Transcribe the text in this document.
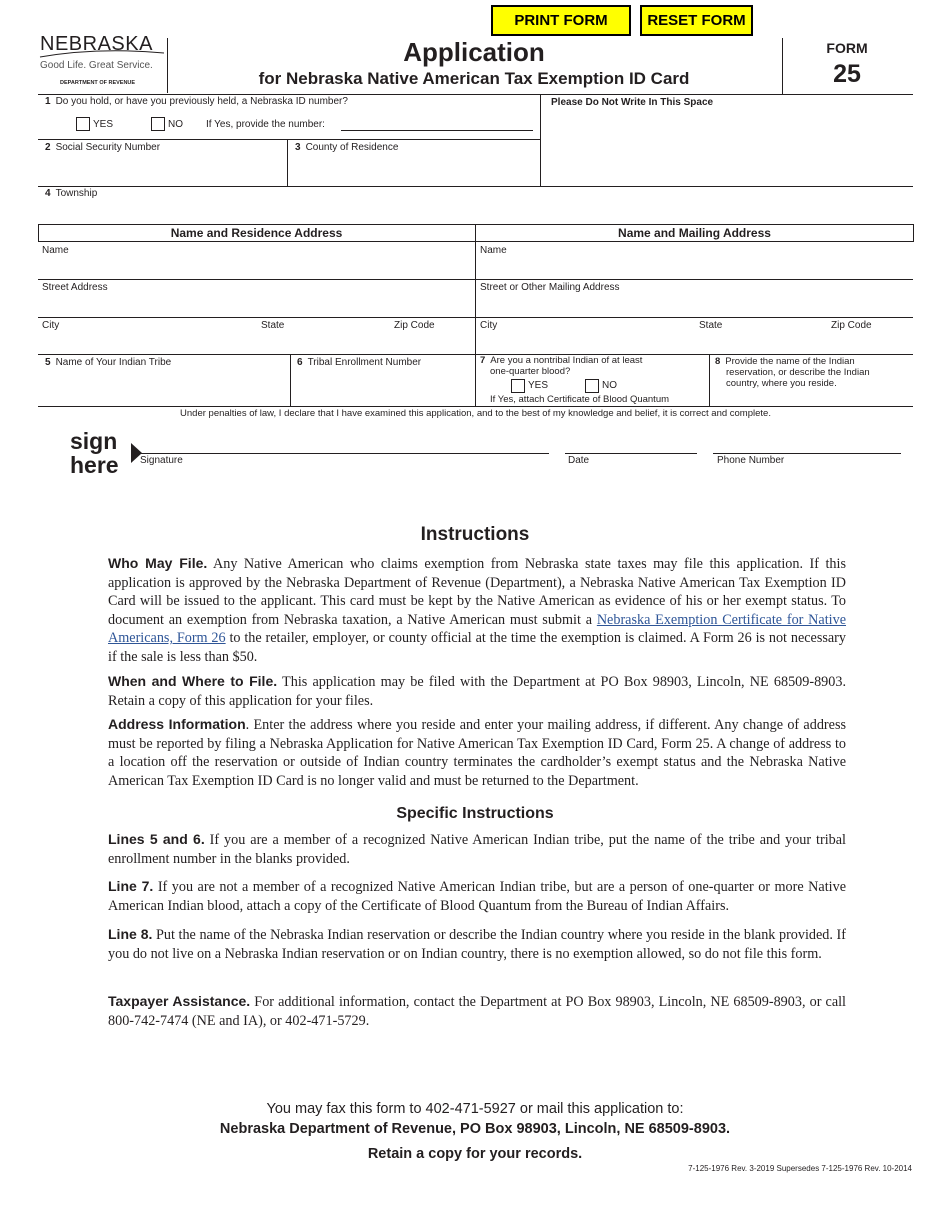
PRINT FORM	RESET FORM
NEBRASKA
Good Life. Great Service.
DEPARTMENT OF REVENUE
Application
for Nebraska Native American Tax Exemption ID Card
FORM
25
1 Do you hold, or have you previously held, a Nebraska ID number?
YES	NO If Yes, provide the number:
Please Do Not Write In This Space
2 Social Security Number	3 County of Residence
4 Township
Name and Residence Address	Name and Mailing Address
Name	Name
Street Address	Street or Other Mailing Address
City	State	Zip Code	City	State	Zip Code
5 Name of Your Indian Tribe	6 Tribal Enrollment Number	7 Are you a nontribal Indian of at least
one-quarter blood?
YES	NO
If Yes, attach Certificate of Blood Quantum
8 Provide the name of the Indian
reservation, or describe the Indian
country, where you reside.
Under penalties of law, I declare that I have examined this application, and to the best of my knowledge and belief, it is correct and complete.
sign
here Signature	Date	Phone Number
Instructions
Who May File. Any Native American who claims exemption from Nebraska state taxes may file this application. If this application is approved by the Nebraska Department of Revenue (Department), a Nebraska Native American Tax Exemption ID Card will be issued to the applicant. This card must be kept by the Native American as evidence of his or her exempt status. To document an exemption from Nebraska taxation, a Native American must submit a Nebraska Exemption Certificate for Native Americans, Form 26 to the retailer, employer, or county official at the time the exemption is claimed. A Form 26 is not necessary if the sale is less than $50.
When and Where to File. This application may be filed with the Department at PO Box 98903, Lincoln, NE 68509-8903. Retain a copy of this application for your files.
Address Information. Enter the address where you reside and enter your mailing address, if different. Any change of address must be reported by filing a Nebraska Application for Native American Tax Exemption ID Card, Form 25. A change of address to a location off the reservation or outside of Indian country terminates the cardholder’s exempt status and the Nebraska Native American Tax Exemption ID Card is no longer valid and must be returned to the Department.
Specific Instructions
Lines 5 and 6. If you are a member of a recognized Native American Indian tribe, put the name of the tribe and your tribal enrollment number in the blanks provided.
Line 7. If you are not a member of a recognized Native American Indian tribe, but are a person of one-quarter or more Native American Indian blood, attach a copy of the Certificate of Blood Quantum from the Bureau of Indian Affairs.
Line 8. Put the name of the Nebraska Indian reservation or describe the Indian country where you reside in the blank provided. If you do not live on a Nebraska Indian reservation or on Indian country, there is no exemption allowed, so do not file this form.
Taxpayer Assistance. For additional information, contact the Department at PO Box 98903, Lincoln, NE 68509-8903, or call 800-742-7474 (NE and IA), or 402-471-5729.
You may fax this form to 402-471-5927 or mail this application to:
Nebraska Department of Revenue, PO Box 98903, Lincoln, NE 68509-8903.
Retain a copy for your records.
7-125-1976 Rev. 3-2019 Supersedes 7-125-1976 Rev. 10-2014
